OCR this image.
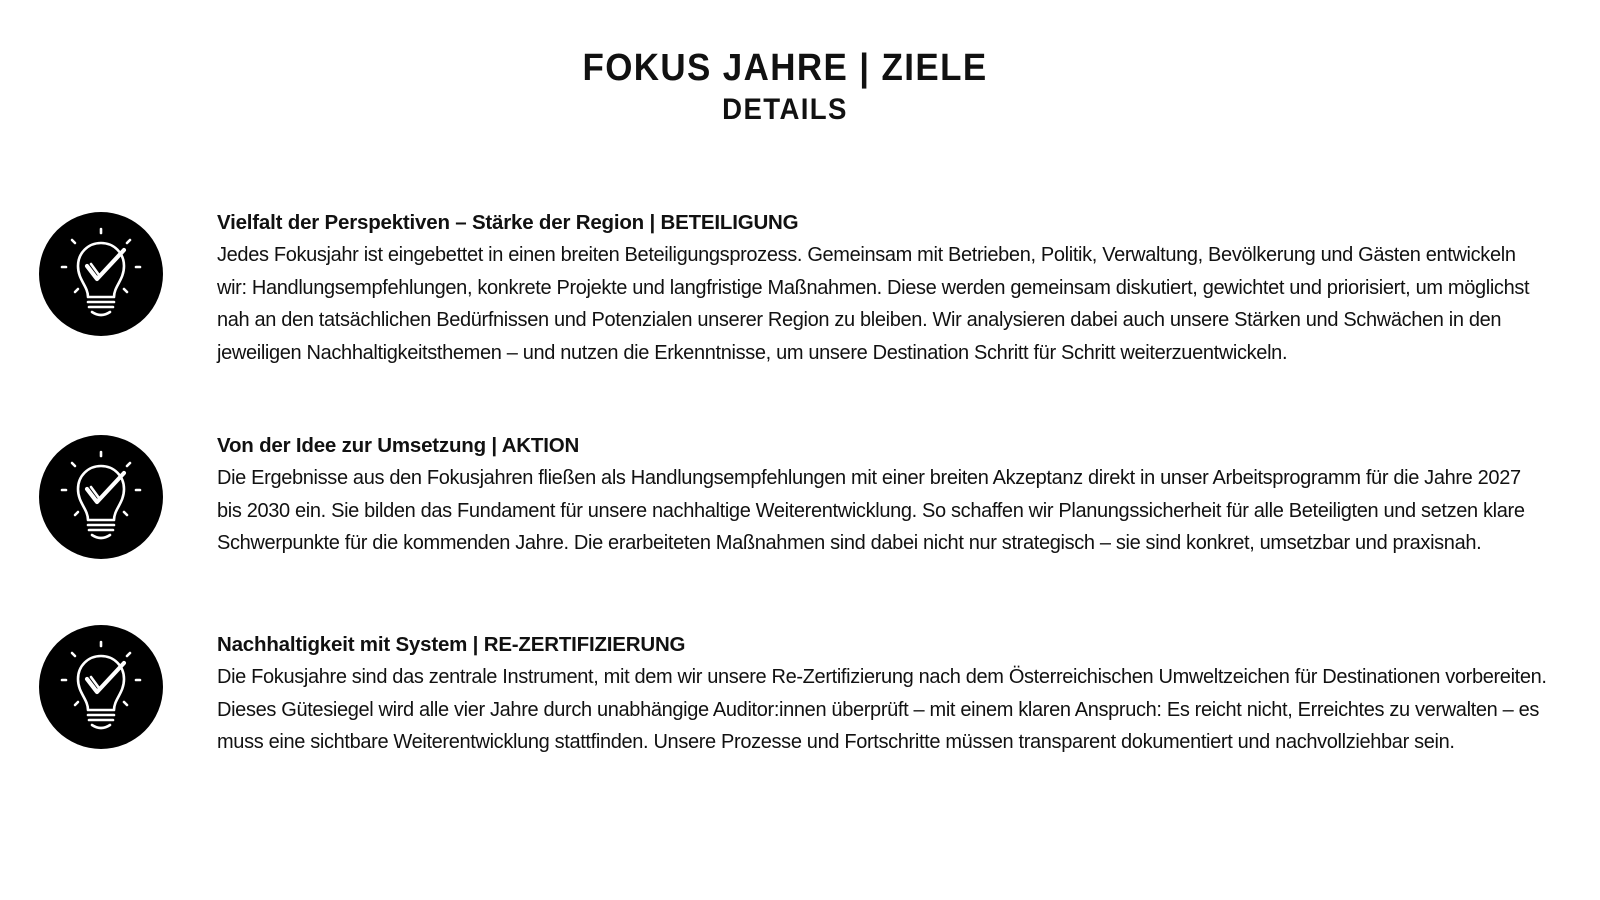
FOKUS JAHRE | ZIELE
DETAILS
Vielfalt der Perspektiven – Stärke der Region | BETEILIGUNG
Jedes Fokusjahr ist eingebettet in einen breiten Beteiligungsprozess. Gemeinsam mit Betrieben, Politik, Verwaltung, Bevölkerung und Gästen entwickeln wir: Handlungsempfehlungen, konkrete Projekte und langfristige Maßnahmen. Diese werden gemeinsam diskutiert, gewichtet und priorisiert, um möglichst nah an den tatsächlichen Bedürfnissen und Potenzialen unserer Region zu bleiben. Wir analysieren dabei auch unsere Stärken und Schwächen in den jeweiligen Nachhaltigkeitsthemen – und nutzen die Erkenntnisse, um unsere Destination Schritt für Schritt weiterzuentwickeln.
Von der Idee zur Umsetzung | AKTION
Die Ergebnisse aus den Fokusjahren fließen als Handlungsempfehlungen mit einer breiten Akzeptanz direkt in unser Arbeitsprogramm für die Jahre 2027 bis 2030 ein. Sie bilden das Fundament für unsere nachhaltige Weiterentwicklung. So schaffen wir Planungssicherheit für alle Beteiligten und setzen klare Schwerpunkte für die kommenden Jahre. Die erarbeiteten Maßnahmen sind dabei nicht nur strategisch – sie sind konkret, umsetzbar und praxisnah.
Nachhaltigkeit mit System | RE-ZERTIFIZIERUNG
Die Fokusjahre sind das zentrale Instrument, mit dem wir unsere Re-Zertifizierung nach dem Österreichischen Umweltzeichen für Destinationen vorbereiten. Dieses Gütesiegel wird alle vier Jahre durch unabhängige Auditor:innen überprüft – mit einem klaren Anspruch: Es reicht nicht, Erreichtes zu verwalten – es muss eine sichtbare Weiterentwicklung stattfinden. Unsere Prozesse und Fortschritte müssen transparent dokumentiert und nachvollziehbar sein.
